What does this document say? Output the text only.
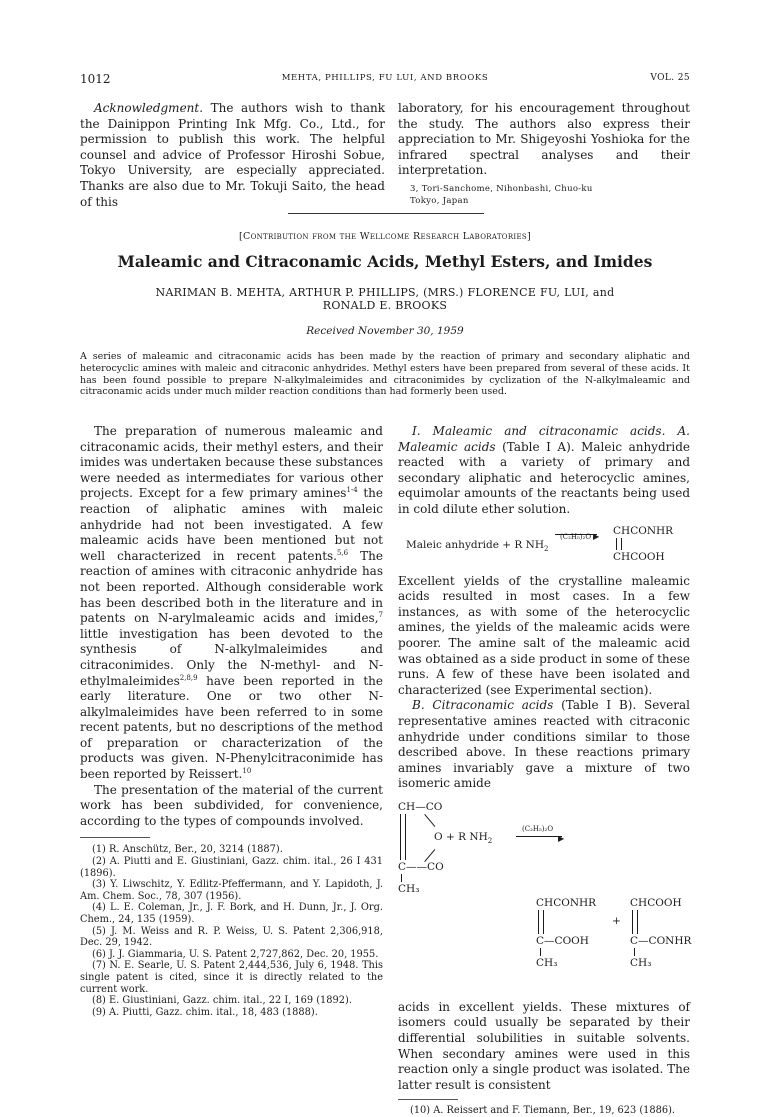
1012	MEHTA, PHILLIPS, FU LUI, AND BROOKS	VOL. 25

Acknowledgment. The authors wish to thank the Dainippon Printing Ink Mfg. Co., Ltd., for permission to publish this work. The helpful counsel and advice of Professor Hiroshi Sobue, Tokyo University, are especially appreciated. Thanks are also due to Mr. Tokuji Saito, the head of this

laboratory, for his encouragement throughout the study. The authors also express their appreciation to Mr. Shigeyoshi Yoshioka for the infrared spectral analyses and their interpretation.

3, Tori-Sanchome, Nihonbashi, Chuo-ku
Tokyo, Japan
[Contribution from the Wellcome Research Laboratories]
Maleamic and Citraconamic Acids, Methyl Esters, and Imides
NARIMAN B. MEHTA, ARTHUR P. PHILLIPS, (MRS.) FLORENCE FU, LUI, and
RONALD E. BROOKS
Received November 30, 1959
A series of maleamic and citraconamic acids has been made by the reaction of primary and secondary aliphatic and heterocyclic amines with maleic and citraconic anhydrides. Methyl esters have been prepared from several of these acids. It has been found possible to prepare N-alkylmaleimides and citraconimides by cyclization of the N-alkylmaleamic and citraconamic acids under much milder reaction conditions than had formerly been used.

The preparation of numerous maleamic and citraconamic acids, their methyl esters, and their imides was undertaken because these substances were needed as intermediates for various other projects. Except for a few primary amines$^{1-4}$ the reaction of aliphatic amines with maleic anhydride had not been investigated. A few maleamic acids have been mentioned but not well characterized in recent patents.$^{5,6}$ The reaction of amines with citraconic anhydride has not been reported. Although considerable work has been described both in the literature and in patents on N-arylmaleamic acids and imides,$^7$ little investigation has been devoted to the synthesis of N-alkylmaleimides and citraconimides. Only the N-methyl- and N-ethylmaleimides$^{2,8,9}$ have been reported in the early literature. One or two other N-alkylmaleimides have been referred to in some recent patents, but no descriptions of the method of preparation or characterization of the products was given. N-Phenylcitraconimide has been reported by Reissert.$^{10}$

The presentation of the material of the current work has been subdivided, for convenience, according to the types of compounds involved.

(1) R. Anschütz, Ber., 20, 3214 (1887).

(2) A. Piutti and E. Giustiniani, Gazz. chim. ital., 26 I 431 (1896).

(3) Y. Liwschitz, Y. Edlitz-Pfeffermann, and Y. Lapidoth, J. Am. Chem. Soc., 78, 307 (1956).

(4) L. E. Coleman, Jr., J. F. Bork, and H. Dunn, Jr., J. Org. Chem., 24, 135 (1959).

(5) J. M. Weiss and R. P. Weiss, U. S. Patent 2,306,918, Dec. 29, 1942.

(6) J. J. Giammaria, U. S. Patent 2,727,862, Dec. 20, 1955.

(7) N. E. Searle, U. S. Patent 2,444,536, July 6, 1948. This single patent is cited, since it is directly related to the current work.

(8) E. Giustiniani, Gazz. chim. ital., 22 I, 169 (1892).

(9) A. Piutti, Gazz. chim. ital., 18, 483 (1888).

I. Maleamic and citraconamic acids. A. Maleamic acids (Table I A). Maleic anhydride reacted with a variety of primary and secondary aliphatic and heterocyclic amines, equimolar amounts of the reactants being used in cold dilute ether solution.

Maleic anhydride + R $NH_2$
(C₂H₅)₂O ▶ CHCONHR
CHCOOH

Excellent yields of the crystalline maleamic acids resulted in most cases. In a few instances, as with some of the heterocyclic amines, the yields of the maleamic acids were poorer. The amine salt of the maleamic acid was obtained as a side product in some of these runs. A few of these have been isolated and characterized (see Experimental section).

B. Citraconamic acids (Table I B). Several representative amines reacted with citraconic anhydride under conditions similar to those described above. In these reactions primary amines invariably gave a mixture of two isomeric amide

CH—CO
O + R $NH_2$
(C₂H₅)₂O
▶
C——CO
CH₃
CHCONHR
C—COOH
CH₃
+
CHCOOH
C—CONHR
CH₃

acids in excellent yields. These mixtures of isomers could usually be separated by their differential solubilities in suitable solvents. When secondary amines were used in this reaction only a single product was isolated. The latter result is consistent

(10) A. Reissert and F. Tiemann, Ber., 19, 623 (1886).
